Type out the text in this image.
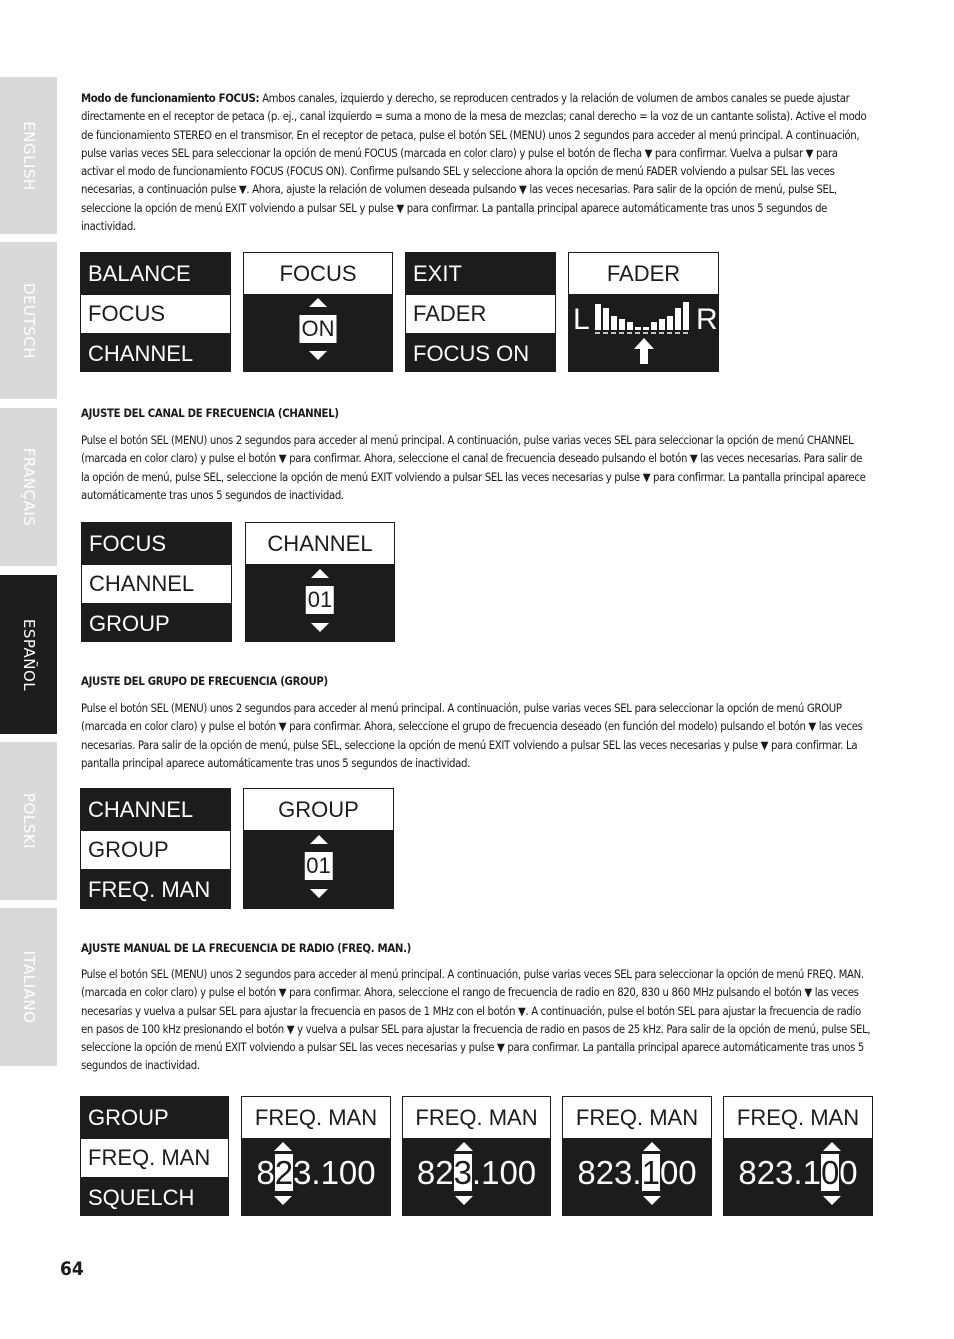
ENGLISH
DEUTSCH
FRANÇAIS
ESPAÑOL
POLSKI
ITALIANO

Modo de funcionamiento FOCUS: Ambos canales, izquierdo y derecho, se reproducen centrados y la relación de volumen de ambos canales se puede ajustar directamente en el receptor de petaca (p. ej., canal izquierdo = suma a mono de la mesa de mezclas; canal derecho = la voz de un cantante solista). Active el modo de funcionamiento STEREO en el transmisor. En el receptor de petaca, pulse el botón SEL (MENU) unos 2 segundos para acceder al menú principal. A continuación, pulse varias veces SEL para seleccionar la opción de menú FOCUS (marcada en color claro) y pulse el botón de flecha ▼ para confirmar. Vuelva a pulsar ▼ para activar el modo de funcionamiento FOCUS (FOCUS ON). Confirme pulsando SEL y seleccione ahora la opción de menú FADER volviendo a pulsar SEL las veces necesarias, a continuación pulse ▼. Ahora, ajuste la relación de volumen deseada pulsando ▼ las veces necesarias. Para salir de la opción de menú, pulse SEL, seleccione la opción de menú EXIT volviendo a pulsar SEL y pulse ▼ para confirmar. La pantalla principal aparece automáticamente tras unos 5 segundos de inactividad.

BALANCE
FOCUS
CHANNEL
FOCUS
ON
EXIT
FADER
FOCUS ON
FADER
L	R

AJUSTE DEL CANAL DE FRECUENCIA (CHANNEL)

Pulse el botón SEL (MENU) unos 2 segundos para acceder al menú principal. A continuación, pulse varias veces SEL para seleccionar la opción de menú CHANNEL (marcada en color claro) y pulse el botón ▼ para confirmar. Ahora, seleccione el canal de frecuencia deseado pulsando el botón ▼ las veces necesarias. Para salir de la opción de menú, pulse SEL, seleccione la opción de menú EXIT volviendo a pulsar SEL las veces necesarias y pulse ▼ para confirmar. La pantalla principal aparece automáticamente tras unos 5 segundos de inactividad.

FOCUS
CHANNEL
GROUP
CHANNEL
01

AJUSTE DEL GRUPO DE FRECUENCIA (GROUP)

Pulse el botón SEL (MENU) unos 2 segundos para acceder al menú principal. A continuación, pulse varias veces SEL para seleccionar la opción de menú GROUP (marcada en color claro) y pulse el botón ▼ para confirmar. Ahora, seleccione el grupo de frecuencia deseado (en función del modelo) pulsando el botón ▼ las veces necesarias. Para salir de la opción de menú, pulse SEL, seleccione la opción de menú EXIT volviendo a pulsar SEL las veces necesarias y pulse ▼ para confirmar. La pantalla principal aparece automáticamente tras unos 5 segundos de inactividad.

CHANNEL
GROUP
FREQ. MAN
GROUP
01

AJUSTE MANUAL DE LA FRECUENCIA DE RADIO (FREQ. MAN.)

Pulse el botón SEL (MENU) unos 2 segundos para acceder al menú principal. A continuación, pulse varias veces SEL para seleccionar la opción de menú FREQ. MAN. (marcada en color claro) y pulse el botón ▼ para confirmar. Ahora, seleccione el rango de frecuencia de radio en 820, 830 u 860 MHz pulsando el botón ▼ las veces necesarias y vuelva a pulsar SEL para ajustar la frecuencia en pasos de 1 MHz con el botón ▼. A continuación, pulse el botón SEL para ajustar la frecuencia de radio en pasos de 100 kHz presionando el botón ▼ y vuelva a pulsar SEL para ajustar la frecuencia de radio en pasos de 25 kHz. Para salir de la opción de menú, pulse SEL, seleccione la opción de menú EXIT volviendo a pulsar SEL las veces necesarias y pulse ▼ para confirmar. La pantalla principal aparece automáticamente tras unos 5 segundos de inactividad.

GROUP
FREQ. MAN
SQUELCH
FREQ. MAN
823.100
FREQ. MAN
823.100
FREQ. MAN
823.100
FREQ. MAN
823.100
64
